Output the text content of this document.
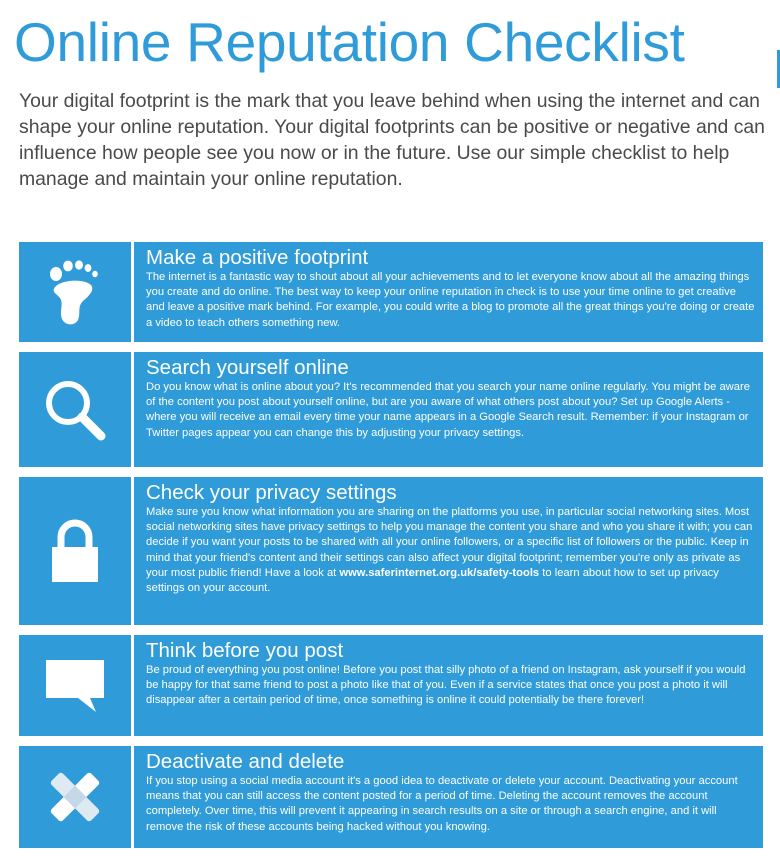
Online Reputation Checklist

Your digital footprint is the mark that you leave behind when using the internet and can shape your online reputation. Your digital footprints can be positive or negative and can influence how people see you now or in the future. Use our simple checklist to help manage and maintain your online reputation.

Make a positive footprint

The internet is a fantastic way to shout about all your achievements and to let everyone know about all the amazing things you create and do online. The best way to keep your online reputation in check is to use your time online to get creative and leave a positive mark behind. For example, you could write a blog to promote all the great things you're doing or create a video to teach others something new.

Search yourself online

Do you know what is online about you? It's recommended that you search your name online regularly. You might be aware of the content you post about yourself online, but are you aware of what others post about you? Set up Google Alerts - where you will receive an email every time your name appears in a Google Search result. Remember: if your Instagram or Twitter pages appear you can change this by adjusting your privacy settings.

Check your privacy settings

Make sure you know what information you are sharing on the platforms you use, in particular social networking sites. Most social networking sites have privacy settings to help you manage the content you share and who you share it with; you can decide if you want your posts to be shared with all your online followers, or a specific list of followers or the public. Keep in mind that your friend's content and their settings can also affect your digital footprint; remember you're only as private as your most public friend! Have a look at www.saferinternet.org.uk/safety-tools to learn about how to set up privacy settings on your account.

Think before you post

Be proud of everything you post online! Before you post that silly photo of a friend on Instagram, ask yourself if you would be happy for that same friend to post a photo like that of you. Even if a service states that once you post a photo it will disappear after a certain period of time, once something is online it could potentially be there forever!

Deactivate and delete

If you stop using a social media account it's a good idea to deactivate or delete your account. Deactivating your account means that you can still access the content posted for a period of time. Deleting the account removes the account completely. Over time, this will prevent it appearing in search results on a site or through a search engine, and it will remove the risk of these accounts being hacked without you knowing.
